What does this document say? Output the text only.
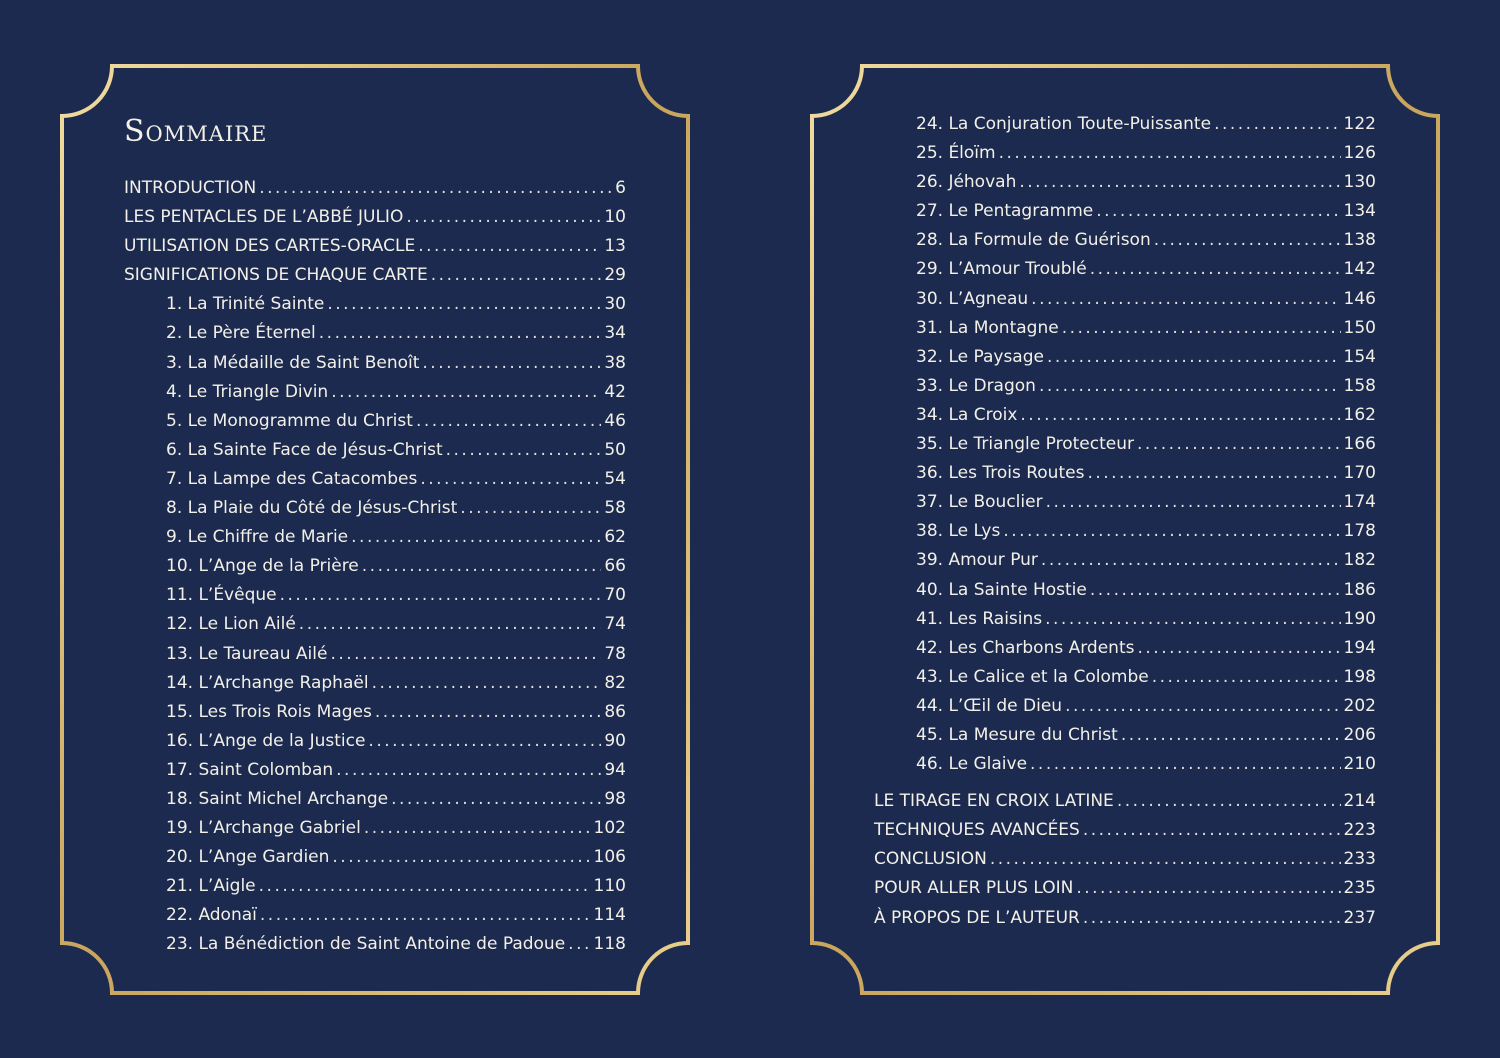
Sommaire
INTRODUCTION .....	6
LES PENTACLES DE L’ABBÉ JULIO .....	10
UTILISATION DES CARTES-ORACLE .....	13
SIGNIFICATIONS DE CHAQUE CARTE .....	29
1. La Trinité Sainte .....	30
2. Le Père Éternel .....	34
3. La Médaille de Saint Benoît .....	38
4. Le Triangle Divin .....	42
5. Le Monogramme du Christ .....	46
6. La Sainte Face de Jésus-Christ .....	50
7. La Lampe des Catacombes .....	54
8. La Plaie du Côté de Jésus-Christ .....	58
9. Le Chiffre de Marie .....	62
10. L’Ange de la Prière .....	66
11. L’Évêque .....	70
12. Le Lion Ailé .....	74
13. Le Taureau Ailé .....	78
14. L’Archange Raphaël .....	82
15. Les Trois Rois Mages .....	86
16. L’Ange de la Justice .....	90
17. Saint Colomban .....	94
18. Saint Michel Archange .....	98
19. L’Archange Gabriel .....	102
20. L’Ange Gardien .....	106
21. L’Aigle .....	110
22. Adonaï .....	114
23. La Bénédiction de Saint Antoine de Padoue ..... 118
24. La Conjuration Toute-Puissante .....	122
25. Éloïm .....	126
26. Jéhovah .....	130
27. Le Pentagramme .....	134
28. La Formule de Guérison .....	138
29. L’Amour Troublé .....	142
30. L’Agneau .....	146
31. La Montagne .....	150
32. Le Paysage .....	154
33. Le Dragon .....	158
34. La Croix .....	162
35. Le Triangle Protecteur .....	166
36. Les Trois Routes .....	170
37. Le Bouclier .....	174
38. Le Lys .....	178
39. Amour Pur .....	182
40. La Sainte Hostie .....	186
41. Les Raisins .....	190
42. Les Charbons Ardents .....	194
43. Le Calice et la Colombe .....	198
44. L’Œil de Dieu .....	202
45. La Mesure du Christ .....	206
46. Le Glaive .....	210
LE TIRAGE EN CROIX LATINE .....	214
TECHNIQUES AVANCÉES .....	223
CONCLUSION .....	233
POUR ALLER PLUS LOIN .....	235
À PROPOS DE L’AUTEUR .....	237
